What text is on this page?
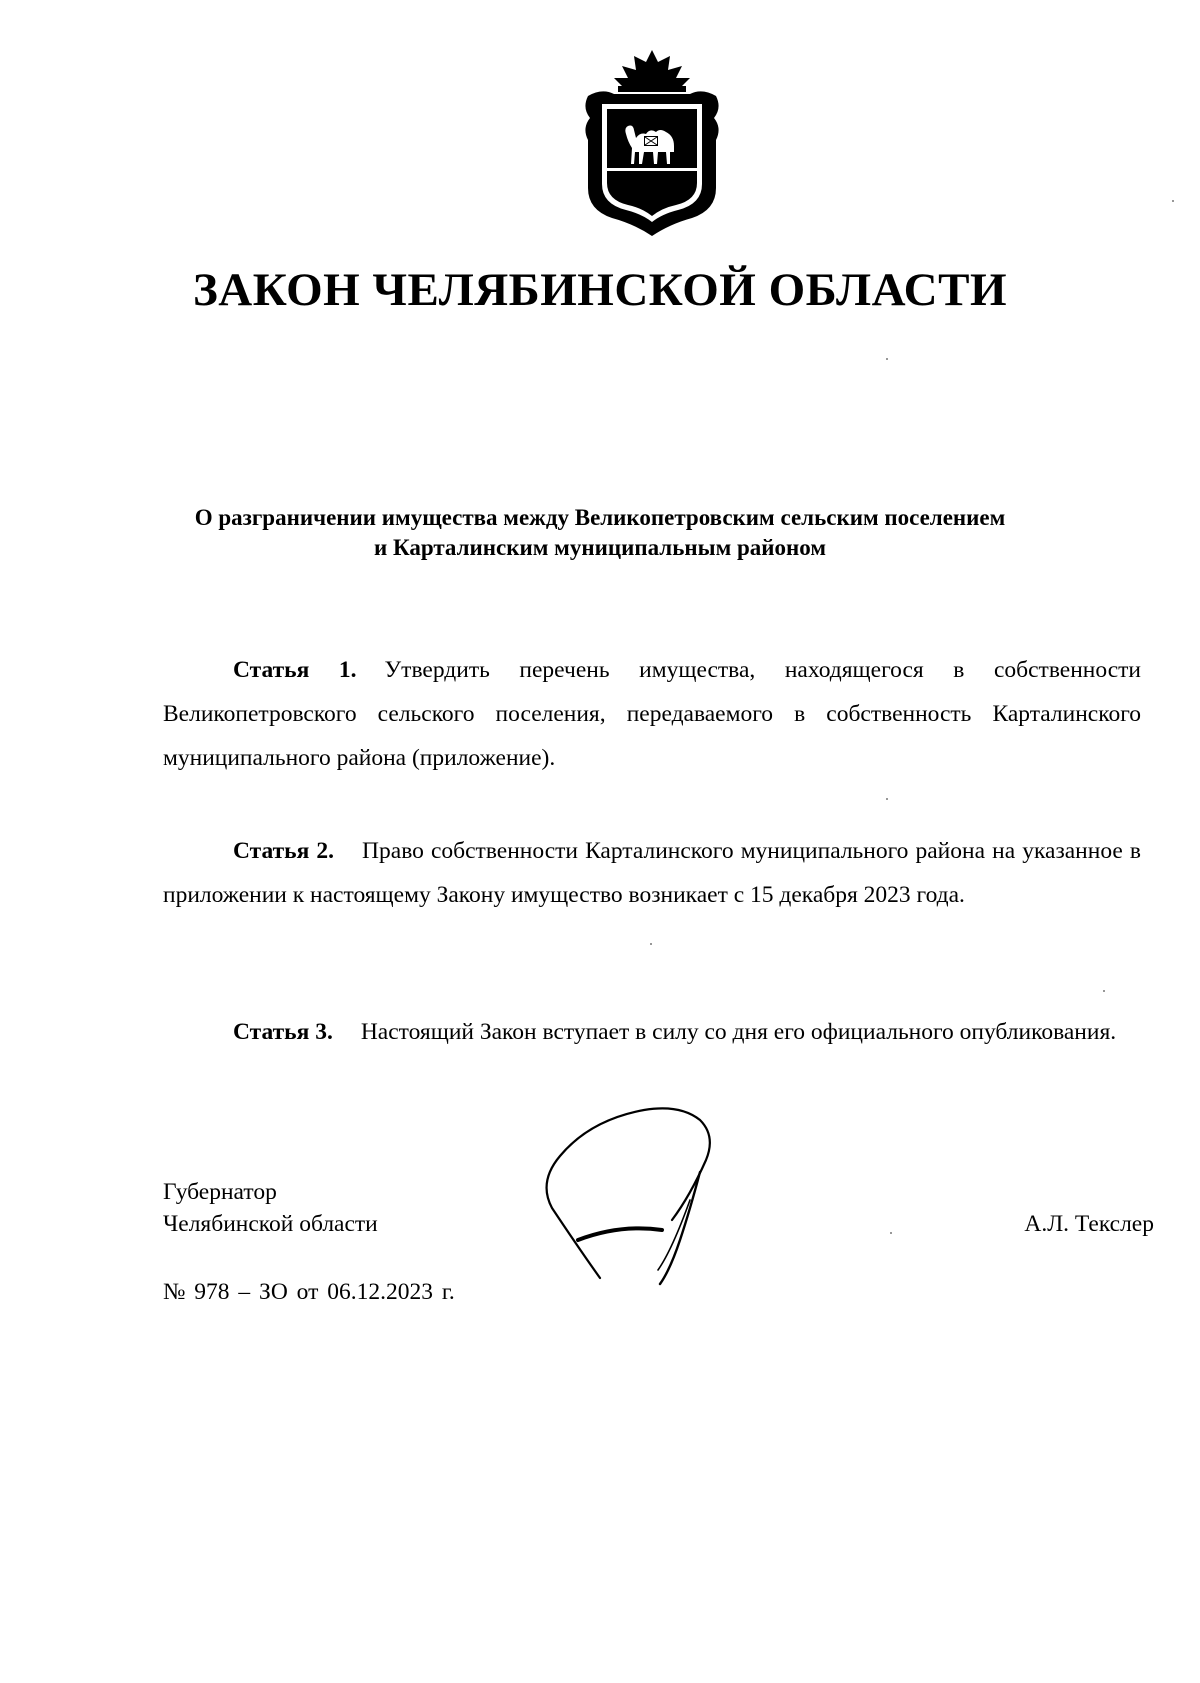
ЗАКОН ЧЕЛЯБИНСКОЙ ОБЛАСТИ
О разграничении имущества между Великопетровским сельским поселением
и Карталинским муниципальным районом
Статья 1. Утвердить перечень имущества, находящегося в собственности Великопетровского сельского поселения, передаваемого в собственность Карталинского муниципального района (приложение).
Статья 2. Право собственности Карталинского муниципального района на указанное в приложении к настоящему Закону имущество возникает с 15 декабря 2023 года.
Статья 3. Настоящий Закон вступает в силу со дня его официального опубликования.
Губернатор
Челябинской области	А.Л. Текслер
№ 978 – ЗО от 06.12.2023 г.
